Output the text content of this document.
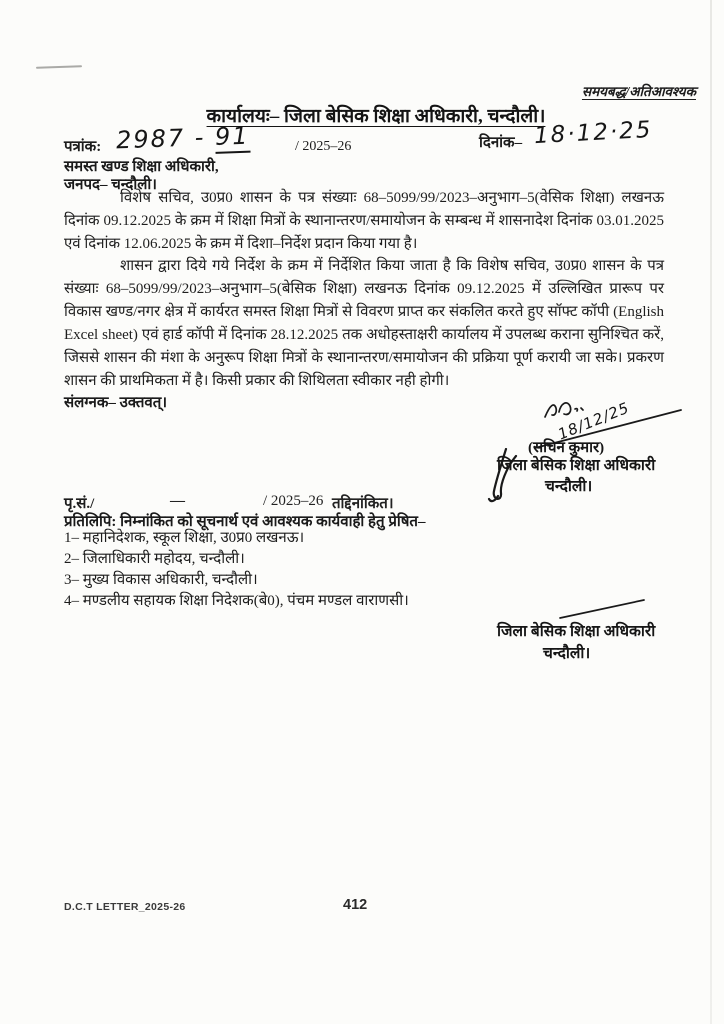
समयबद्ध/अतिआवश्यक
कार्यालयः– जिला बेसिक शिक्षा अधिकारी, चन्दौली।
पत्रांक: 2987 - 91	/ 2025–26	दिनांक– 18·12·25
समस्त खण्ड शिक्षा अधिकारी,
जनपद– चन्दौली।
विशेष सचिव, उ0प्र0 शासन के पत्र संख्याः 68–5099/99/2023–अनुभाग–5(वेसिक शिक्षा) लखनऊ दिनांक 09.12.2025 के क्रम में शिक्षा मित्रों के स्थानान्तरण/समायोजन के सम्बन्ध में शासनादेश दिनांक 03.01.2025 एवं दिनांक 12.06.2025 के क्रम में दिशा–निर्देश प्रदान किया गया है।
शासन द्वारा दिये गये निर्देश के क्रम में निर्देशित किया जाता है कि विशेष सचिव, उ0प्र0 शासन के पत्र संख्याः 68–5099/99/2023–अनुभाग–5(बेसिक शिक्षा) लखनऊ दिनांक 09.12.2025 में उल्लिखित प्रारूप पर विकास खण्ड/नगर क्षेत्र में कार्यरत समस्त शिक्षा मित्रों से विवरण प्राप्त कर संकलित करते हुए सॉफ्ट कॉपी (English Excel sheet) एवं हार्ड कॉपी में दिनांक 28.12.2025 तक अधोहस्ताक्षरी कार्यालय में उपलब्ध कराना सुनिश्चित करें, जिससे शासन की मंशा के अनुरूप शिक्षा मित्रों के स्थानान्तरण/समायोजन की प्रक्रिया पूर्ण करायी जा सके। प्रकरण शासन की प्राथमिकता में है। किसी प्रकार की शिथिलता स्वीकार नही होगी।
संलग्नक– उक्तवत्।	18/12/25
(सचिन कुमार)
जिला बेसिक शिक्षा अधिकारी
चन्दौली।
पृ.सं./	—	/ 2025–26 तद्दिनांकित।
प्रतिलिपि: निम्नांकित को सूचनार्थ एवं आवश्यक कार्यवाही हेतु प्रेषित–
1– महानिदेशक, स्कूल शिक्षा, उ0प्र0 लखनऊ।
2– जिलाधिकारी महोदय, चन्दौली।
3– मुख्य विकास अधिकारी, चन्दौली।
4– मण्डलीय सहायक शिक्षा निदेशक(बे0), पंचम मण्डल वाराणसी।
जिला बेसिक शिक्षा अधिकारी
चन्दौली।
D.C.T LETTER_2025-26	412
